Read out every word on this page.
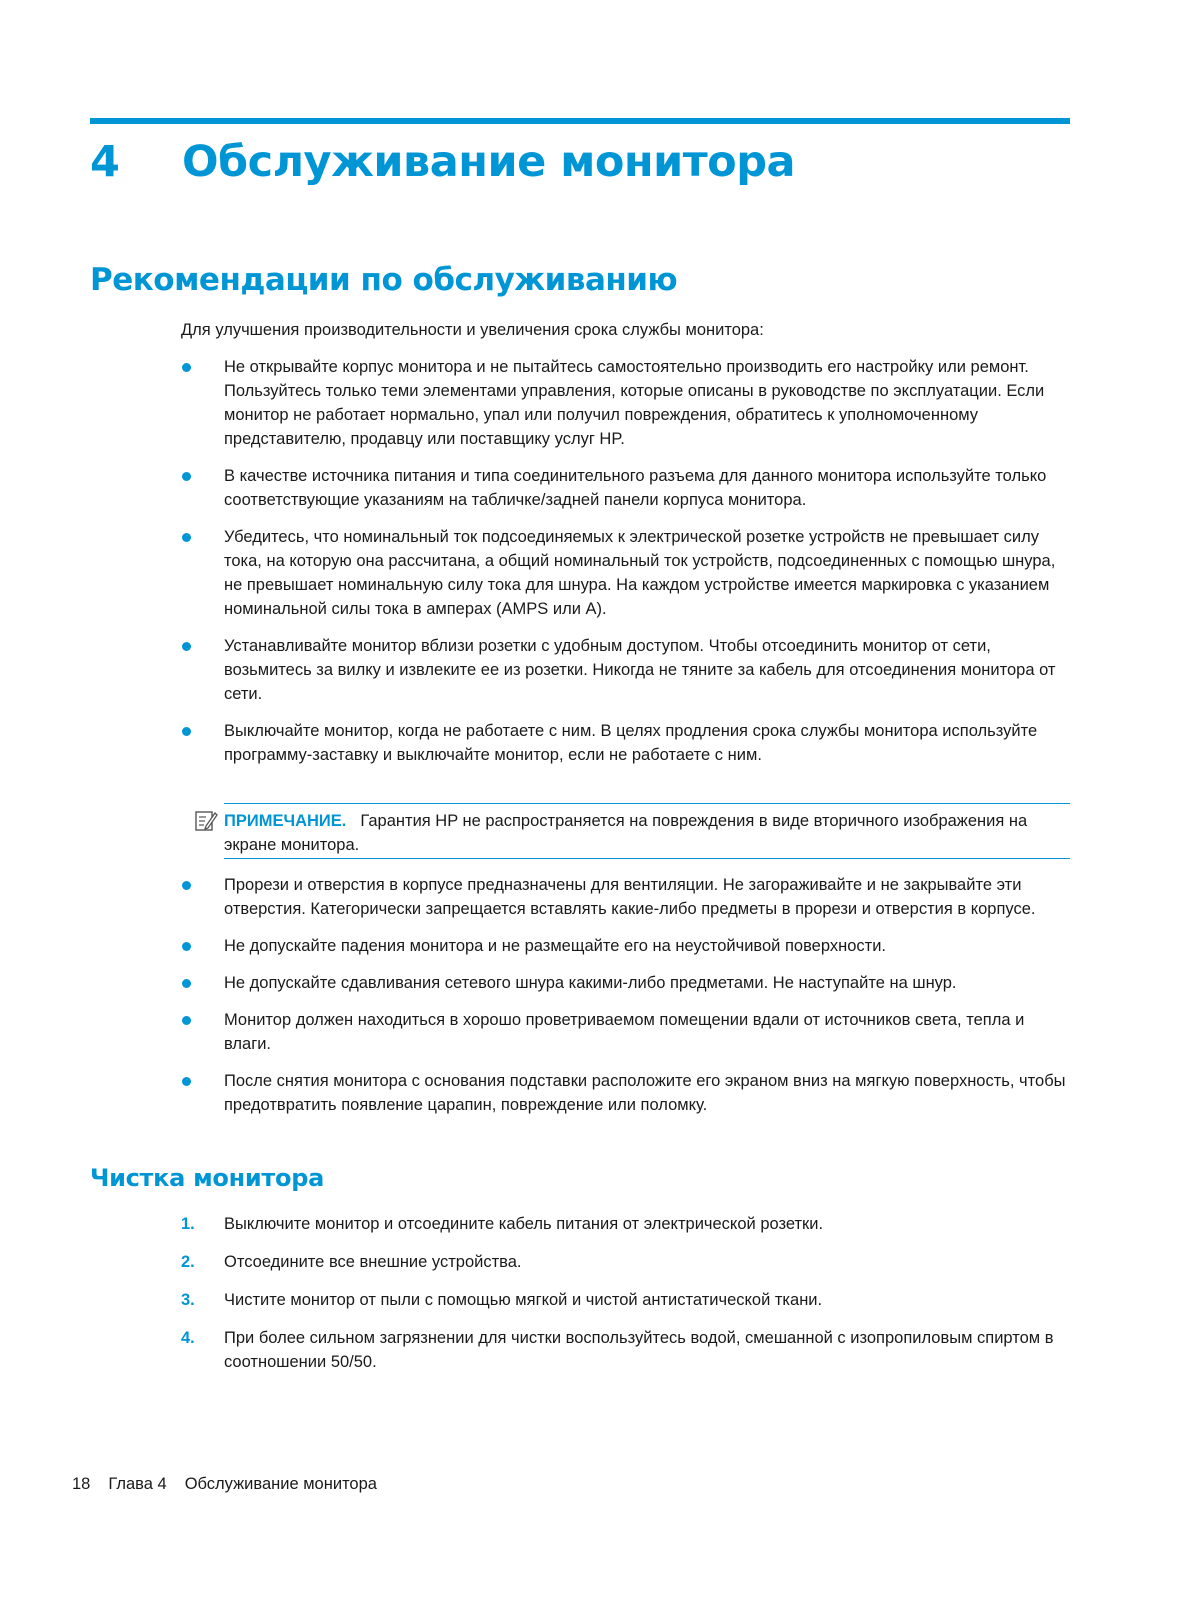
4 Обслуживание монитора
Рекомендации по обслуживанию

Для улучшения производительности и увеличения срока службы монитора:

Не открывайте корпус монитора и не пытайтесь самостоятельно производить его настройку или ремонт. Пользуйтесь только теми элементами управления, которые описаны в руководстве по эксплуатации. Если монитор не работает нормально, упал или получил повреждения, обратитесь к уполномоченному представителю, продавцу или поставщику услуг HP.
В качестве источника питания и типа соединительного разъема для данного монитора используйте только соответствующие указаниям на табличке/задней панели корпуса монитора.
Убедитесь, что номинальный ток подсоединяемых к электрической розетке устройств не превышает силу тока, на которую она рассчитана, а общий номинальный ток устройств, подсоединенных с помощью шнура, не превышает номинальную силу тока для шнура. На каждом устройстве имеется маркировка с указанием номинальной силы тока в амперах (AMPS или A).
Устанавливайте монитор вблизи розетки с удобным доступом. Чтобы отсоединить монитор от сети, возьмитесь за вилку и извлеките ее из розетки. Никогда не тяните за кабель для отсоединения монитора от сети.
Выключайте монитор, когда не работаете с ним. В целях продления срока службы монитора используйте программу-заставку и выключайте монитор, если не работаете с ним.

ПРИМЕЧАНИЕ. Гарантия HP не распространяется на повреждения в виде вторичного изображения на экране монитора.

Прорези и отверстия в корпусе предназначены для вентиляции. Не загораживайте и не закрывайте эти отверстия. Категорически запрещается вставлять какие-либо предметы в прорези и отверстия в корпусе.
Не допускайте падения монитора и не размещайте его на неустойчивой поверхности.
Не допускайте сдавливания сетевого шнура какими-либо предметами. Не наступайте на шнур.
Монитор должен находиться в хорошо проветриваемом помещении вдали от источников света, тепла и влаги.
После снятия монитора с основания подставки расположите его экраном вниз на мягкую поверхность, чтобы предотвратить появление царапин, повреждение или поломку.
Чистка монитора
1. Выключите монитор и отсоедините кабель питания от электрической розетки.
2. Отсоедините все внешние устройства.
3. Чистите монитор от пыли с помощью мягкой и чистой антистатической ткани.
4. При более сильном загрязнении для чистки воспользуйтесь водой, смешанной с изопропиловым спиртом в соотношении 50/50.
18 Глава 4 Обслуживание монитора
